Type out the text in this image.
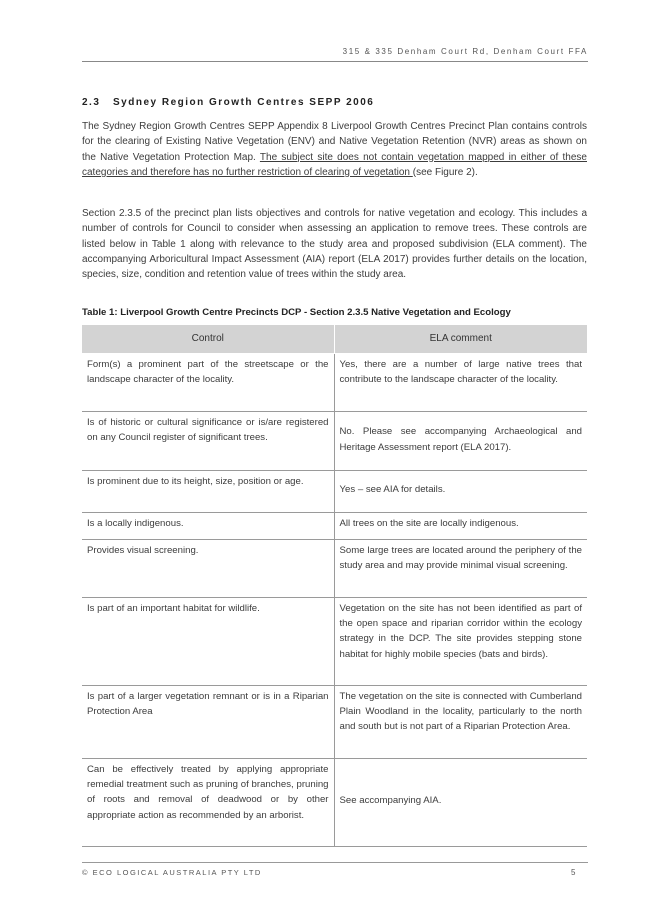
315 & 335 Denham Court Rd, Denham Court FFA
2.3 Sydney Region Growth Centres SEPP 2006
The Sydney Region Growth Centres SEPP Appendix 8 Liverpool Growth Centres Precinct Plan contains controls for the clearing of Existing Native Vegetation (ENV) and Native Vegetation Retention (NVR) areas as shown on the Native Vegetation Protection Map. The subject site does not contain vegetation mapped in either of these categories and therefore has no further restriction of clearing of vegetation (see Figure 2).
Section 2.3.5 of the precinct plan lists objectives and controls for native vegetation and ecology. This includes a number of controls for Council to consider when assessing an application to remove trees. These controls are listed below in Table 1 along with relevance to the study area and proposed subdivision (ELA comment). The accompanying Arboricultural Impact Assessment (AIA) report (ELA 2017) provides further details on the location, species, size, condition and retention value of trees within the study area.
Table 1: Liverpool Growth Centre Precincts DCP - Section 2.3.5 Native Vegetation and Ecology
Control	ELA comment
Form(s) a prominent part of the streetscape or the landscape character of the locality.	Yes, there are a number of large native trees that contribute to the landscape character of the locality.
Is of historic or cultural significance or is/are registered on any Council register of significant trees.	No. Please see accompanying Archaeological and Heritage Assessment report (ELA 2017).
Is prominent due to its height, size, position or age.	Yes – see AIA for details.
Is a locally indigenous.	All trees on the site are locally indigenous.
Provides visual screening.	Some large trees are located around the periphery of the study area and may provide minimal visual screening.
Is part of an important habitat for wildlife.	Vegetation on the site has not been identified as part of the open space and riparian corridor within the ecology strategy in the DCP. The site provides stepping stone habitat for highly mobile species (bats and birds).
Is part of a larger vegetation remnant or is in a Riparian Protection Area	The vegetation on the site is connected with Cumberland Plain Woodland in the locality, particularly to the north and south but is not part of a Riparian Protection Area.
Can be effectively treated by applying appropriate remedial treatment such as pruning of branches, pruning of roots and removal of deadwood or by other appropriate action as recommended by an arborist.	See accompanying AIA.
© ECO LOGICAL AUSTRALIA PTY LTD	5
